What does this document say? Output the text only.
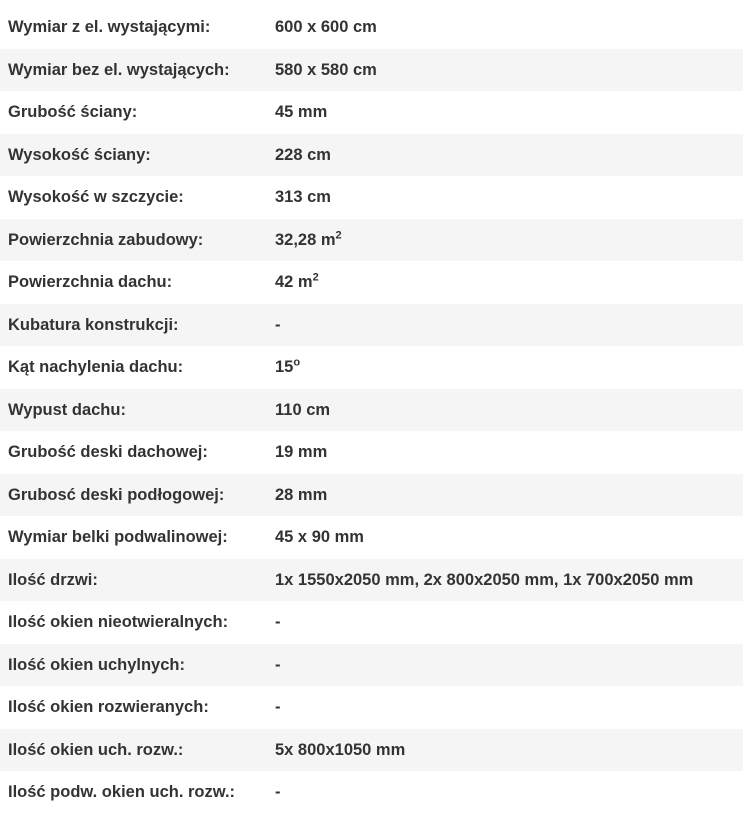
Wymiar z el. wystającymi:	600 x 600 cm
Wymiar bez el. wystających:	580 x 580 cm
Grubość ściany:	45 mm
Wysokość ściany:	228 cm
Wysokość w szczycie:	313 cm
Powierzchnia zabudowy:	32,28 $m^2$
Powierzchnia dachu:	42 $m^2$
Kubatura konstrukcji:	-
Kąt nachylenia dachu:	15$^o$
Wypust dachu:	110 cm
Grubość deski dachowej:	19 mm
Grubosć deski podłogowej:	28 mm
Wymiar belki podwalinowej:	45 x 90 mm
Ilość drzwi:	1x 1550x2050 mm, 2x 800x2050 mm, 1x 700x2050 mm
Ilość okien nieotwieralnych:	-
Ilość okien uchylnych:	-
Ilość okien rozwieranych:	-
Ilość okien uch. rozw.:	5x 800x1050 mm
Ilość podw. okien uch. rozw.:	-
